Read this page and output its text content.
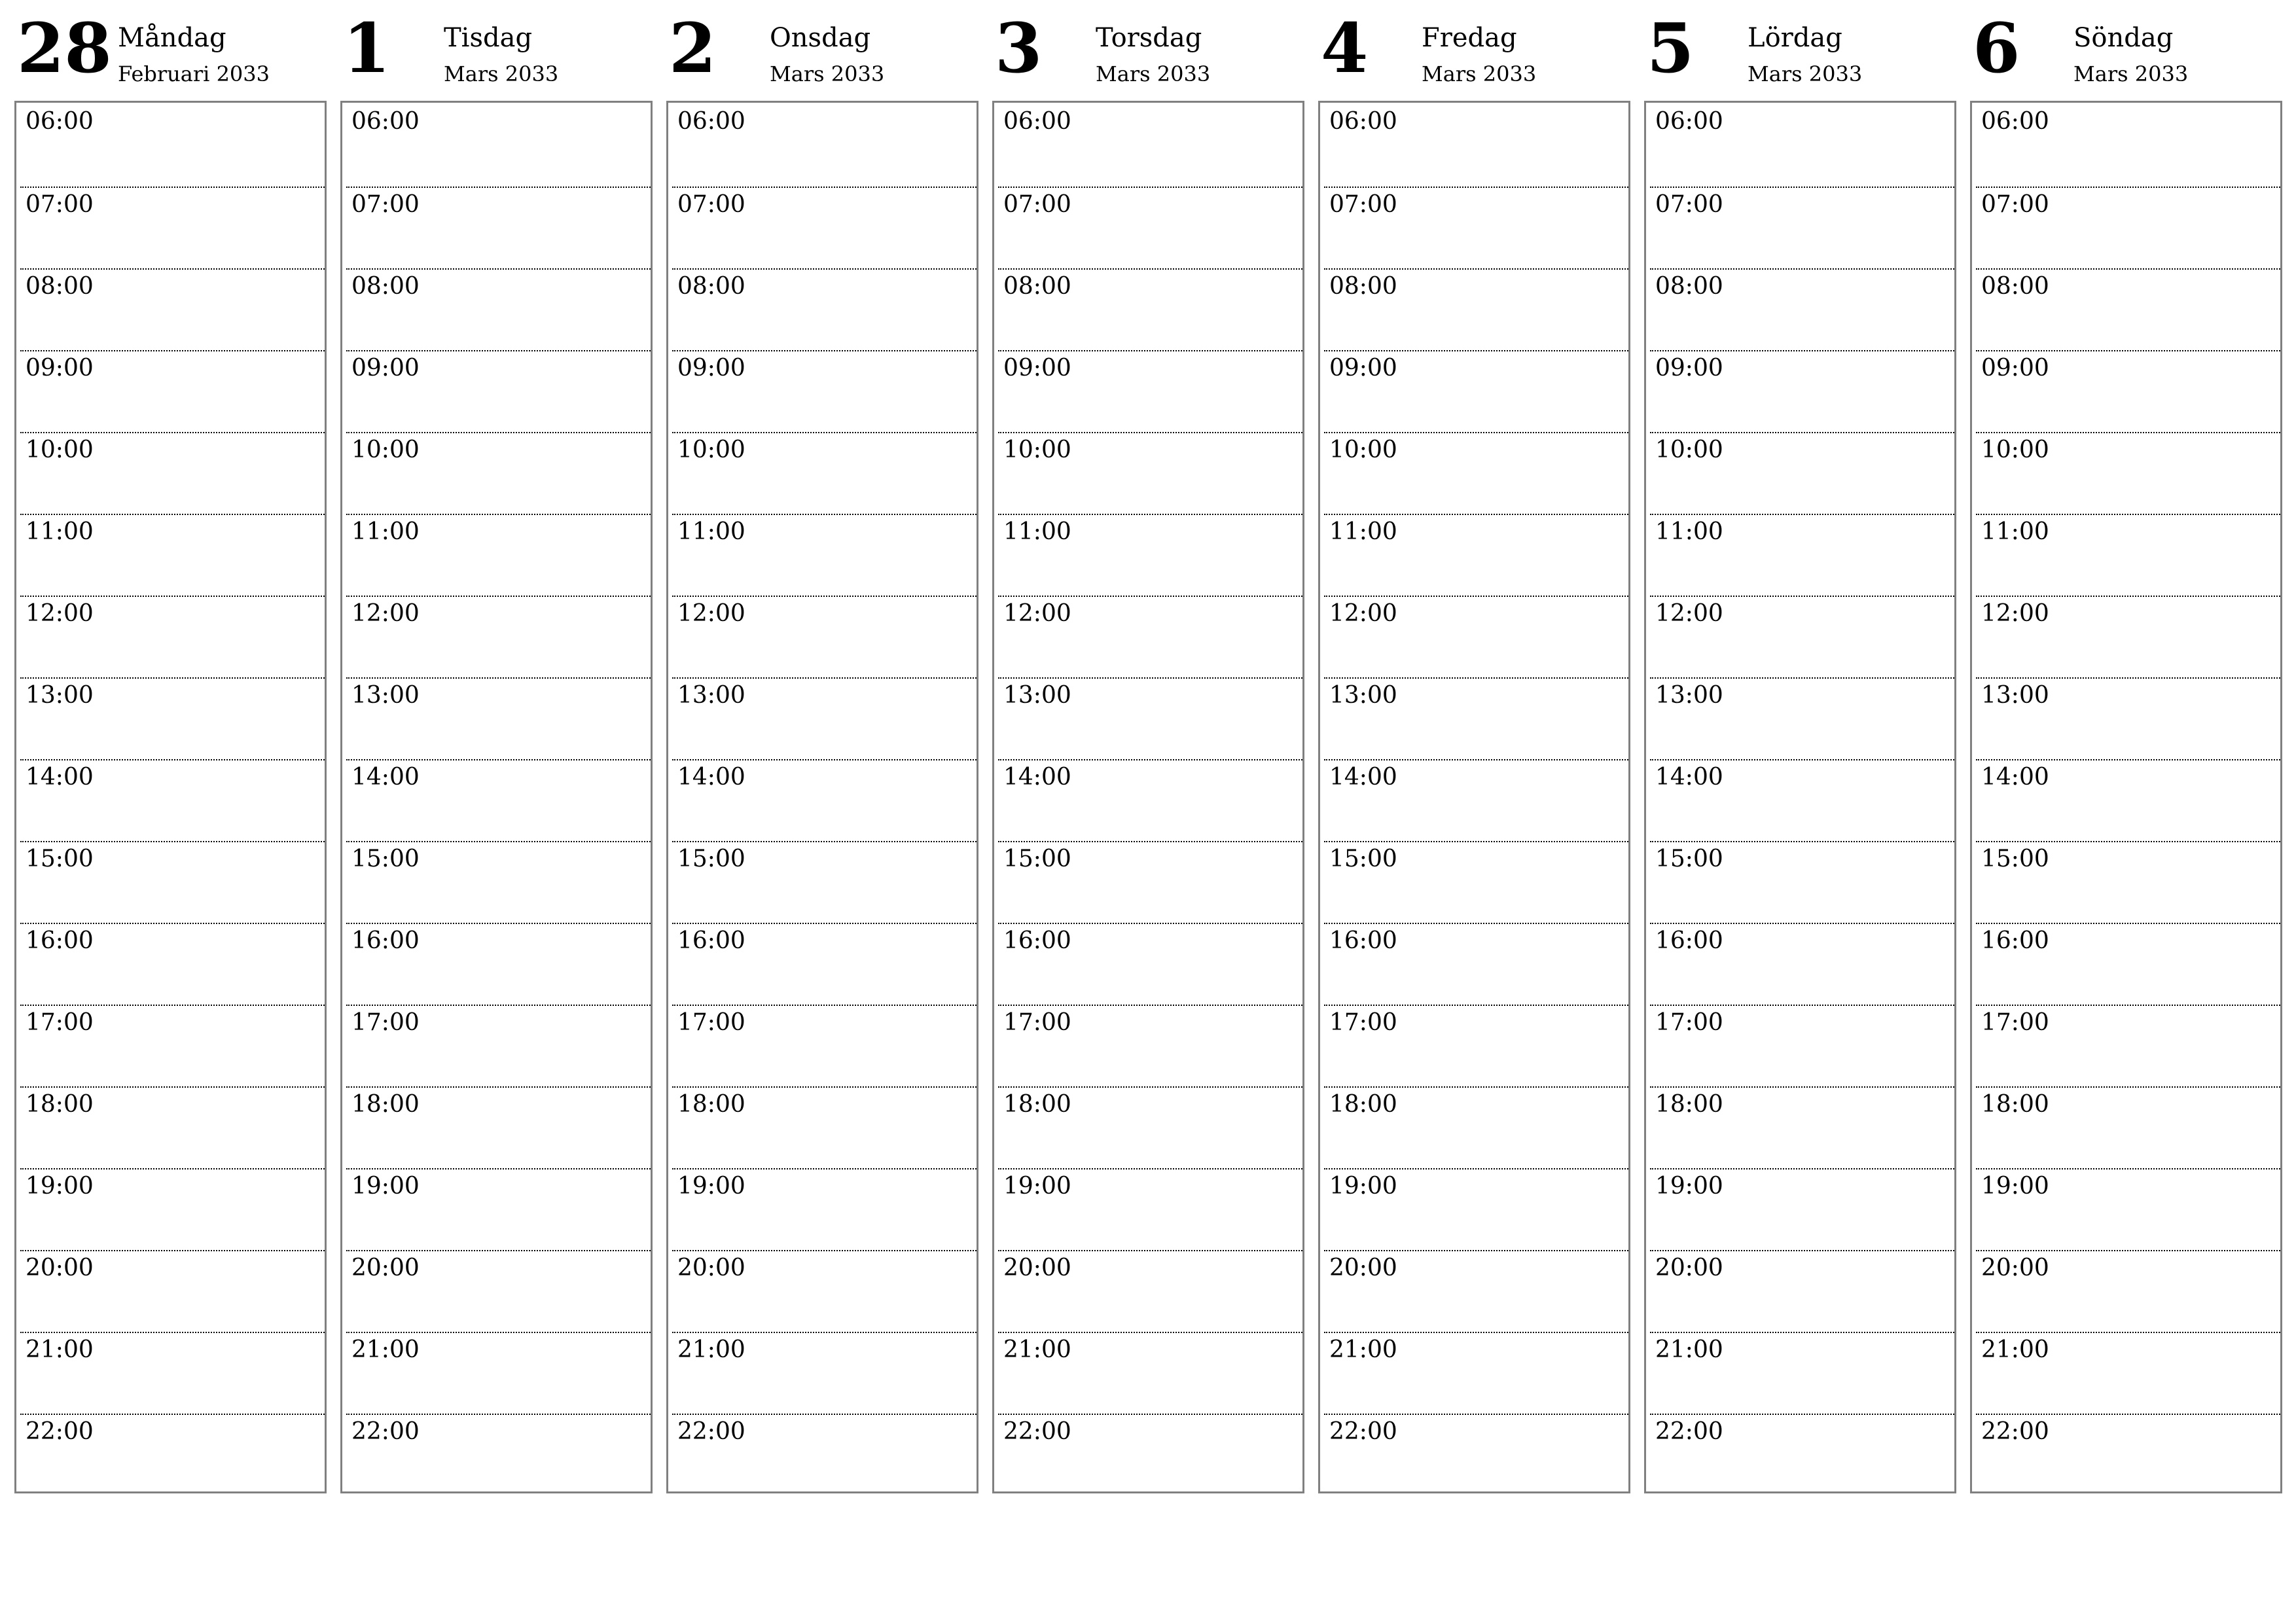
28 Måndag
Februari 2033
06:00
07:00
08:00
09:00
10:00
11:00
12:00
13:00
14:00
15:00
16:00
17:00
18:00
19:00
20:00
21:00
22:00
1 Tisdag
Mars 2033
06:00
07:00
08:00
09:00
10:00
11:00
12:00
13:00
14:00
15:00
16:00
17:00
18:00
19:00
20:00
21:00
22:00
2 Onsdag
Mars 2033
06:00
07:00
08:00
09:00
10:00
11:00
12:00
13:00
14:00
15:00
16:00
17:00
18:00
19:00
20:00
21:00
22:00
3 Torsdag
Mars 2033
06:00
07:00
08:00
09:00
10:00
11:00
12:00
13:00
14:00
15:00
16:00
17:00
18:00
19:00
20:00
21:00
22:00
4 Fredag
Mars 2033
06:00
07:00
08:00
09:00
10:00
11:00
12:00
13:00
14:00
15:00
16:00
17:00
18:00
19:00
20:00
21:00
22:00
5 Lördag
Mars 2033
06:00
07:00
08:00
09:00
10:00
11:00
12:00
13:00
14:00
15:00
16:00
17:00
18:00
19:00
20:00
21:00
22:00
6 Söndag
Mars 2033
06:00
07:00
08:00
09:00
10:00
11:00
12:00
13:00
14:00
15:00
16:00
17:00
18:00
19:00
20:00
21:00
22:00
